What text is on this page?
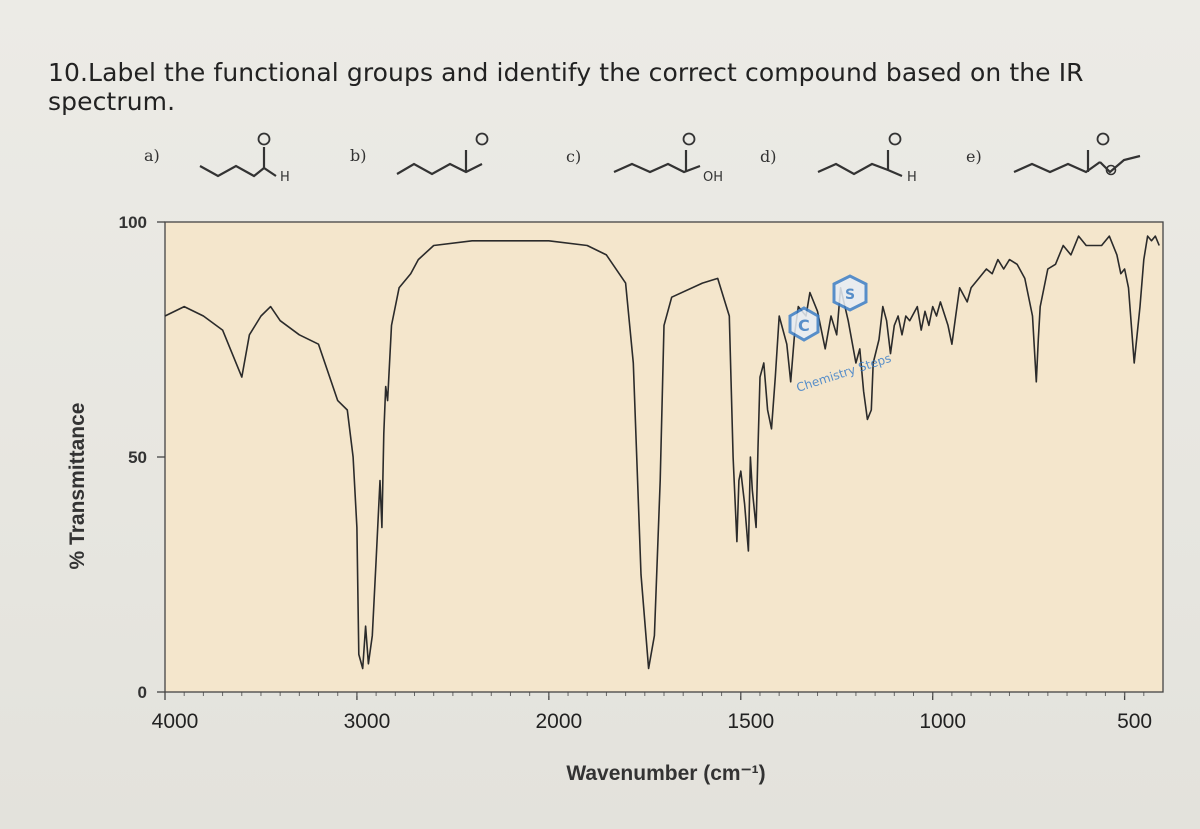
10.Label the functional groups and identify the correct compound based on the IR spectrum.
a)
H
b)	c)
OH
d)
H
e)
0
50
100
4000	3000	2000	1500	1000	500
Wavenumber (cm⁻¹)
% Transmittance
C
S
Chemistry Steps
